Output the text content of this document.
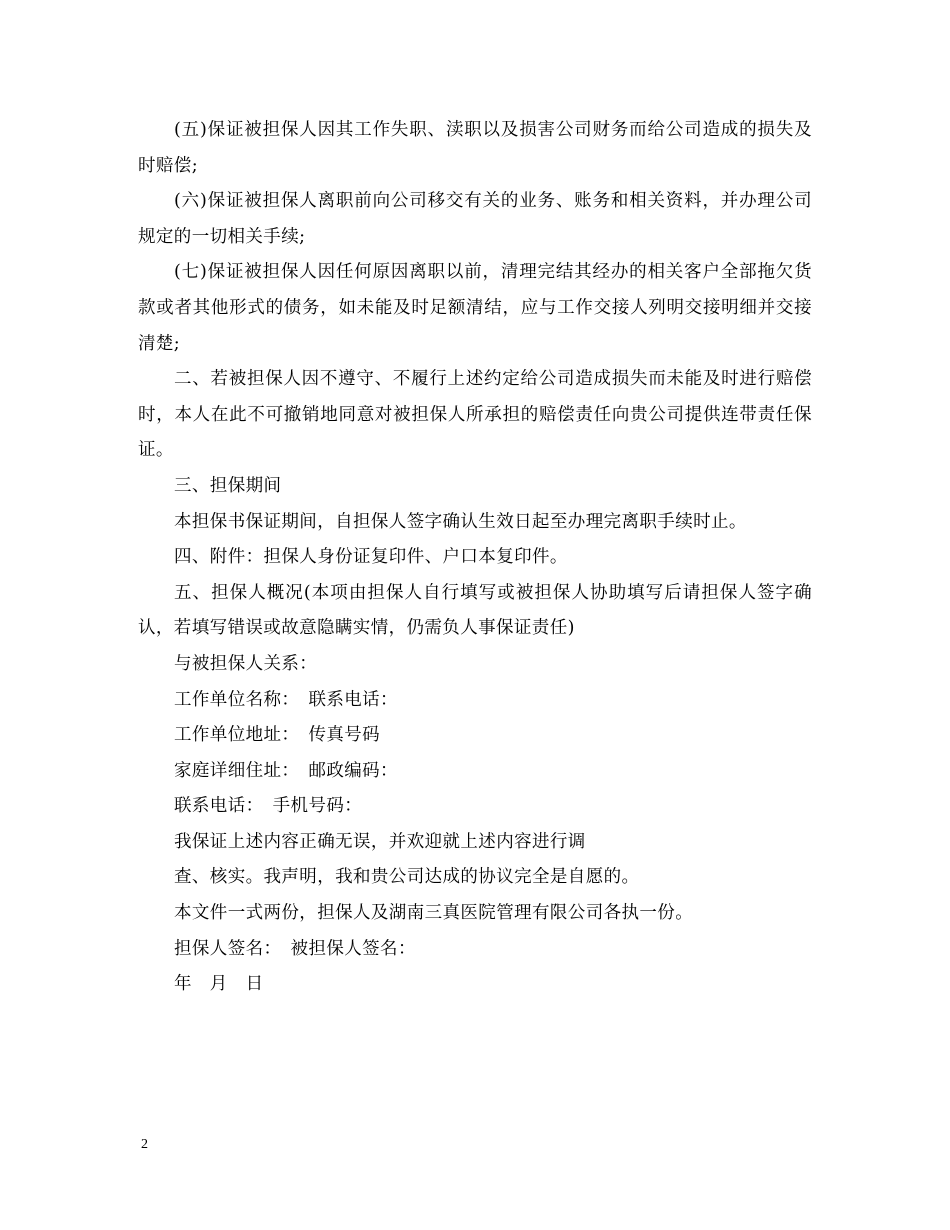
(五)保证被担保人因其工作失职、渎职以及损害公司财务而给公司造成的损失及时赔偿;

(六)保证被担保人离职前向公司移交有关的业务、账务和相关资料，并办理公司规定的一切相关手续;

(七)保证被担保人因任何原因离职以前，清理完结其经办的相关客户全部拖欠货款或者其他形式的债务，如未能及时足额清结，应与工作交接人列明交接明细并交接清楚;

二、若被担保人因不遵守、不履行上述约定给公司造成损失而未能及时进行赔偿时，本人在此不可撤销地同意对被担保人所承担的赔偿责任向贵公司提供连带责任保证。

三、担保期间

本担保书保证期间，自担保人签字确认生效日起至办理完离职手续时止。

四、附件：担保人身份证复印件、户口本复印件。

五、担保人概况(本项由担保人自行填写或被担保人协助填写后请担保人签字确认，若填写错误或故意隐瞒实情，仍需负人事保证责任)

与被担保人关系：

工作单位名称：　联系电话：

工作单位地址：　传真号码

家庭详细住址：　邮政编码：

联系电话：　手机号码：

我保证上述内容正确无误，并欢迎就上述内容进行调

查、核实。我声明，我和贵公司达成的协议完全是自愿的。

本文件一式两份，担保人及湖南三真医院管理有限公司各执一份。

担保人签名：　被担保人签名：

年　月　日

2
